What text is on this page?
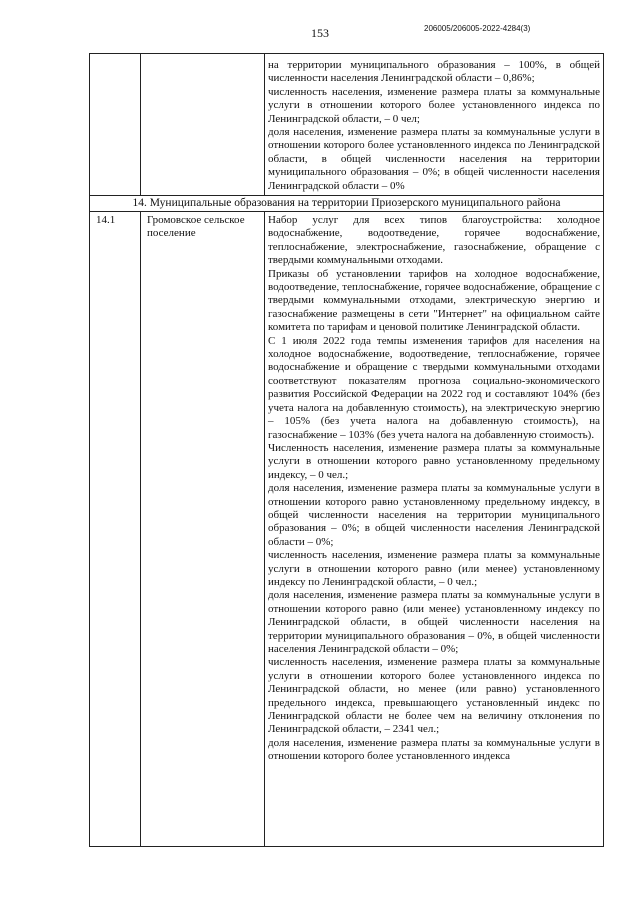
153	206005/206005-2022-4284(3)

на территории муниципального образования – 100%, в общей численности населения Ленинградской области – 0,86%;

численность населения, изменение размера платы за коммунальные услуги в отношении которого более установленного индекса по Ленинградской области, – 0 чел;

доля населения, изменение размера платы за коммунальные услуги в отношении которого более установленного индекса по Ленинградской области, в общей численности населения на территории муниципального образования – 0%; в общей численности населения Ленинградской области – 0%

14. Муниципальные образования на территории Приозерского муниципального района
14.1	Громовское сельское поселение

Набор услуг для всех типов благоустройства: холодное водоснабжение, водоотведение, горячее водоснабжение, теплоснабжение, электроснабжение, газоснабжение, обращение с твердыми коммунальными отходами.

Приказы об установлении тарифов на холодное водоснабжение, водоотведение, теплоснабжение, горячее водоснабжение, обращение с твердыми коммунальными отходами, электрическую энергию и газоснабжение размещены в сети "Интернет" на официальном сайте комитета по тарифам и ценовой политике Ленинградской области.

С 1 июля 2022 года темпы изменения тарифов для населения на холодное водоснабжение, водоотведение, теплоснабжение, горячее водоснабжение и обращение с твердыми коммунальными отходами соответствуют показателям прогноза социально-экономического развития Российской Федерации на 2022 год и составляют 104% (без учета налога на добавленную стоимость), на электрическую энергию – 105% (без учета налога на добавленную стоимость), на газоснабжение – 103% (без учета налога на добавленную стоимость).

Численность населения, изменение размера платы за коммунальные услуги в отношении которого равно установленному предельному индексу, – 0 чел.;

доля населения, изменение размера платы за коммунальные услуги в отношении которого равно установленному предельному индексу, в общей численности населения на территории муниципального образования – 0%; в общей численности населения Ленинградской области – 0%;

численность населения, изменение размера платы за коммунальные услуги в отношении которого равно (или менее) установленному индексу по Ленинградской области, – 0 чел.;

доля населения, изменение размера платы за коммунальные услуги в отношении которого равно (или менее) установленному индексу по Ленинградской области, в общей численности населения на территории муниципального образования – 0%, в общей численности населения Ленинградской области – 0%;

численность населения, изменение размера платы за коммунальные услуги в отношении которого более установленного индекса по Ленинградской области, но менее (или равно) установленного предельного индекса, превышающего установленный индекс по Ленинградской области не более чем на величину отклонения по Ленинградской области, – 2341 чел.;

доля населения, изменение размера платы за коммунальные услуги в отношении которого более установленного индекса
